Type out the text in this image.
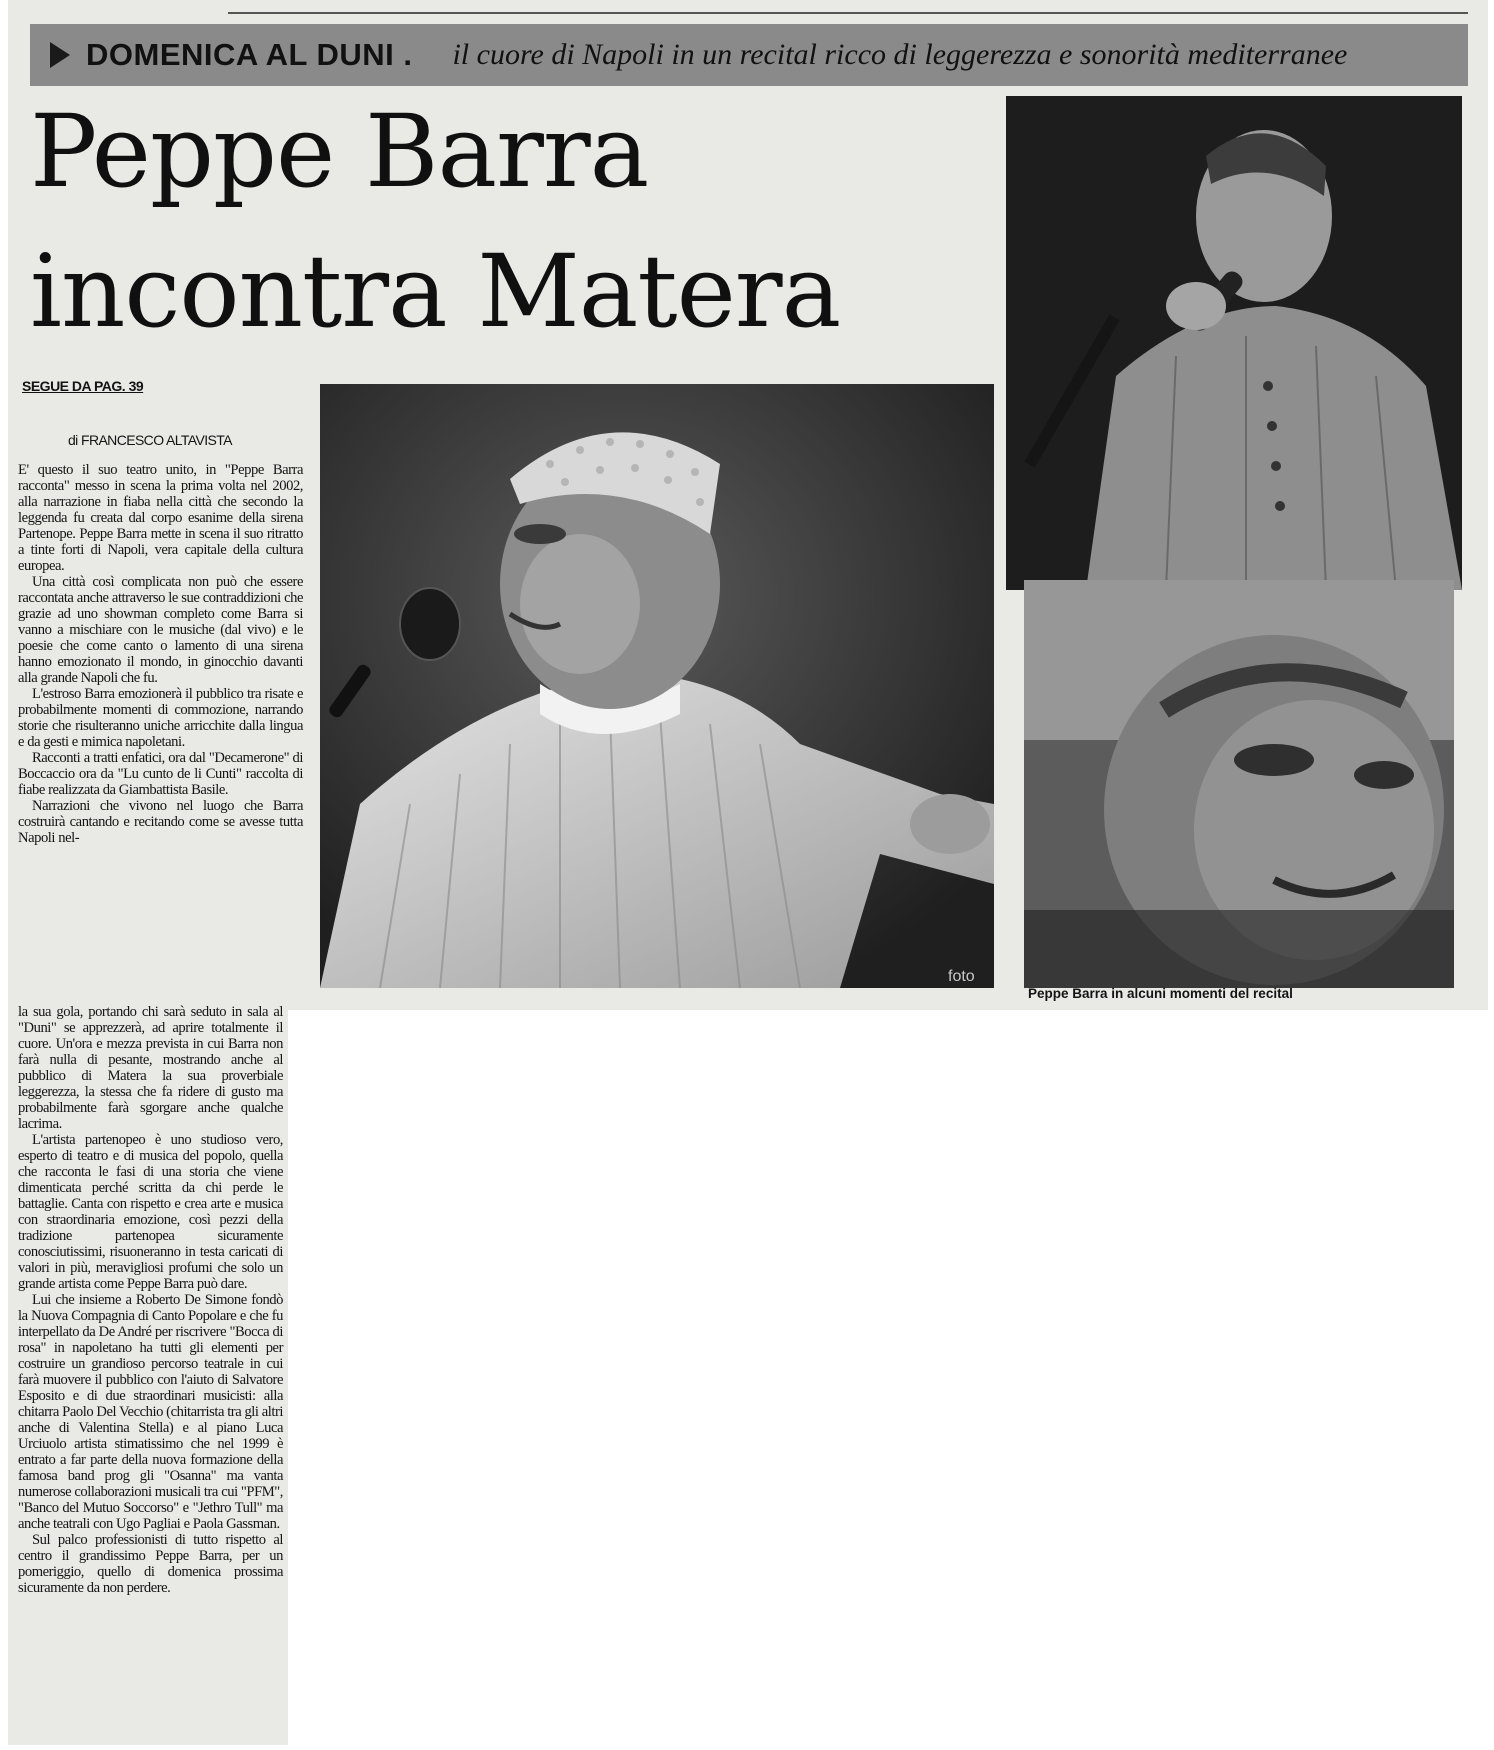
DOMENICA AL DUNI . il cuore di Napoli in un recital ricco di leggerezza e sonorità mediterranee
Peppe Barra
incontra Matera
SEGUE DA PAG. 39
di FRANCESCO ALTAVISTA

E' questo il suo teatro unito, in "Peppe Barra racconta" messo in scena la prima volta nel 2002, alla narrazione in fiaba nella città che secondo la leggenda fu creata dal corpo esanime della sirena Partenope. Peppe Barra mette in scena il suo ritratto a tinte forti di Napoli, vera capitale della cultura europea.

Una città così complicata non può che essere raccontata anche attraverso le sue contraddizioni che grazie ad uno showman completo come Barra si vanno a mischiare con le musiche (dal vivo) e le poesie che come canto o lamento di una sirena hanno emozionato il mondo, in ginocchio davanti alla grande Napoli che fu.

L'estroso Barra emozionerà il pubblico tra risate e probabilmente momenti di commozione, narrando storie che risulteranno uniche arricchite dalla lingua e da gesti e mimica napoletani.

Racconti a tratti enfatici, ora dal "Decamerone" di Boccaccio ora da "Lu cunto de li Cunti" raccolta di fiabe realizzata da Giambattista Basile.

Narrazioni che vivono nel luogo che Barra costruirà cantando e recitando come se avesse tutta Napoli nel-

la sua gola, portando chi sarà seduto in sala al "Duni" se apprezzerà, ad aprire totalmente il cuore. Un'ora e mezza prevista in cui Barra non farà nulla di pesante, mostrando anche al pubblico di Matera la sua proverbiale leggerezza, la stessa che fa ridere di gusto ma probabilmente farà sgorgare anche qualche lacrima.

L'artista partenopeo è uno studioso vero, esperto di teatro e di musica del popolo, quella che racconta le fasi di una storia che viene dimenticata perché scritta da chi perde le battaglie. Canta con rispetto e crea arte e musica con straordinaria emozione, così pezzi della tradizione partenopea sicuramente conosciutissimi, risuoneranno in testa caricati di valori in più, meravigliosi profumi che solo un grande artista come Peppe Barra può dare.

Lui che insieme a Roberto De Simone fondò la Nuova Compagnia di Canto Popolare e che fu interpellato da De André per riscrivere "Bocca di rosa" in napoletano ha tutti gli elementi per costruire un grandioso percorso teatrale in cui farà muovere il pubblico con l'aiuto di Salvatore Esposito e di due straordinari musicisti: alla chitarra Paolo Del Vecchio (chitarrista tra gli altri anche di Valentina Stella) e al piano Luca Urciuolo artista stimatissimo che nel 1999 è entrato a far parte della nuova formazione della famosa band prog gli "Osanna" ma vanta numerose collaborazioni musicali tra cui "PFM", "Banco del Mutuo Soccorso" e "Jethro Tull" ma anche teatrali con Ugo Pagliai e Paola Gassman.

Sul palco professionisti di tutto rispetto al centro il grandissimo Peppe Barra, per un pomeriggio, quello di domenica prossima sicuramente da non perdere.

foto
Peppe Barra in alcuni momenti del recital
